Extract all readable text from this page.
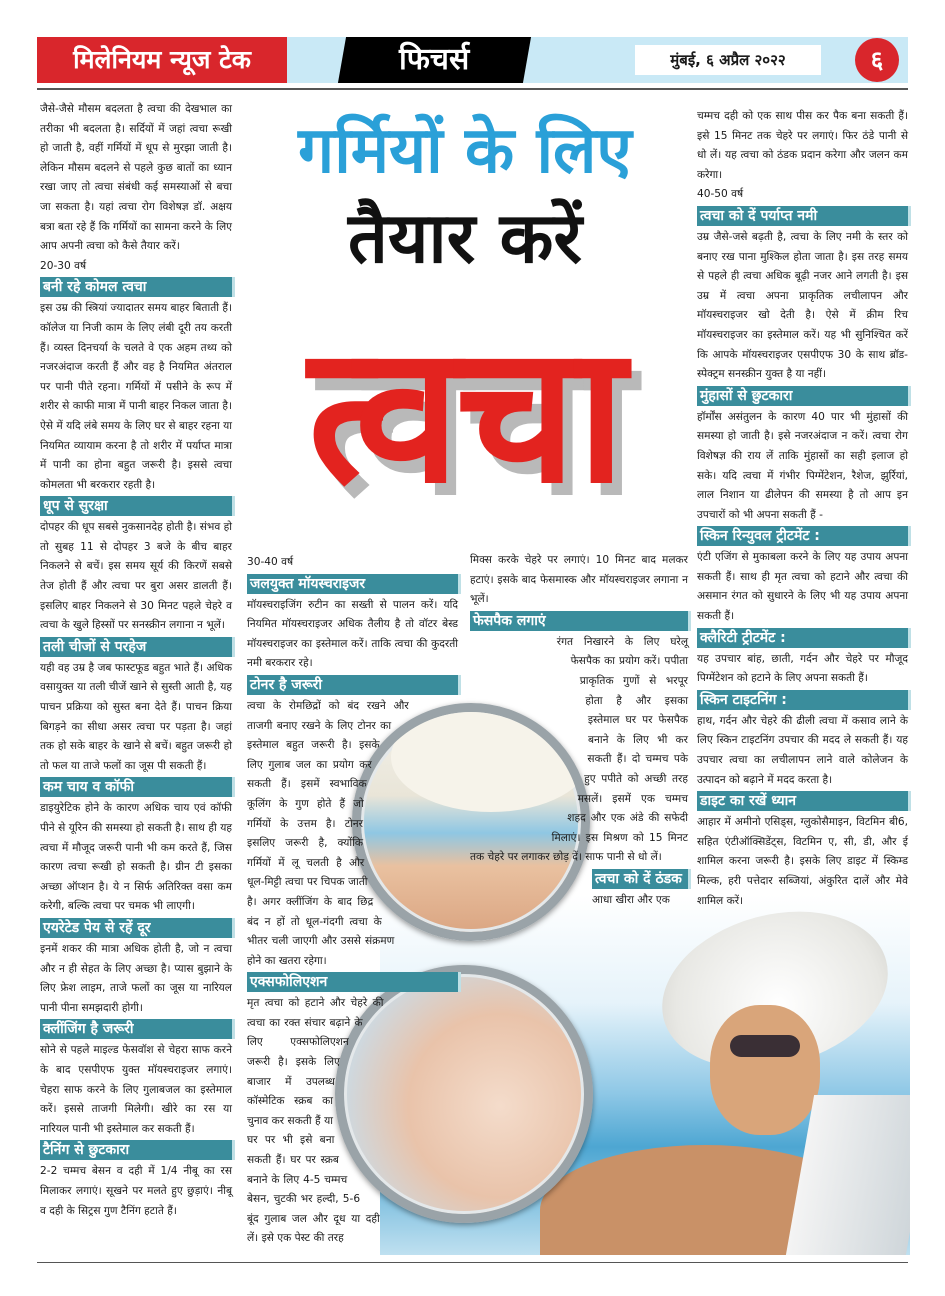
मिलेनियम न्यूज टेक	फिचर्स	मुंबई, ६ अप्रैल २०२२	६
गर्मियों के लिए
तैयार करें
त्वचा

जैसे-जैसे मौसम बदलता है त्वचा की देखभाल का तरीका भी बदलता है। सर्दियों में जहां त्वचा रूखी हो जाती है, वहीं गर्मियों में धूप से मुरझा जाती है। लेकिन मौसम बदलने से पहले कुछ बातों का ध्यान रखा जाए तो त्वचा संबंधी कई समस्याओं से बचा जा सकता है। यहां त्वचा रोग विशेषज्ञ डॉ. अक्षय बत्रा बता रहे हैं कि गर्मियों का सामना करने के लिए आप अपनी त्वचा को कैसे तैयार करें।

20-30 वर्ष

बनी रहे कोमल त्वचा

इस उम्र की स्त्रियां ज्यादातर समय बाहर बिताती हैं। कॉलेज या निजी काम के लिए लंबी दूरी तय करती हैं। व्यस्त दिनचर्या के चलते वे एक अहम तथ्य को नजरअंदाज करती हैं और वह है नियमित अंतराल पर पानी पीते रहना। गर्मियों में पसीने के रूप में शरीर से काफी मात्रा में पानी बाहर निकल जाता है। ऐसे में यदि लंबे समय के लिए घर से बाहर रहना या नियमित व्यायाम करना है तो शरीर में पर्याप्त मात्रा में पानी का होना बहुत जरूरी है। इससे त्वचा कोमलता भी बरकरार रहती है।

धूप से सुरक्षा

दोपहर की धूप सबसे नुकसानदेह होती है। संभव हो तो सुबह 11 से दोपहर 3 बजे के बीच बाहर निकलने से बचें। इस समय सूर्य की किरणें सबसे तेज होती हैं और त्वचा पर बुरा असर डालती हैं। इसलिए बाहर निकलने से 30 मिनट पहले चेहरे व त्वचा के खुले हिस्सों पर सनस्क्रीन लगाना न भूलें।

तली चीजों से परहेज

यही वह उम्र है जब फास्टफूड बहुत भाते हैं। अधिक वसायुक्त या तली चीजें खाने से सुस्ती आती है, यह पाचन प्रक्रिया को सुस्त बना देते हैं। पाचन क्रिया बिगड़ने का सीधा असर त्वचा पर पड़ता है। जहां तक हो सके बाहर के खाने से बचें। बहुत जरूरी हो तो फल या ताजे फलों का जूस पी सकती हैं।

कम चाय व कॉफी

डाइयुरेटिक होने के कारण अधिक चाय एवं कॉफी पीने से यूरिन की समस्या हो सकती है। साथ ही यह त्वचा में मौजूद जरूरी पानी भी कम करते हैं, जिस कारण त्वचा रूखी हो सकती है। ग्रीन टी इसका अच्छा ऑप्शन है। ये न सिर्फ अतिरिक्त वसा कम करेगी, बल्कि त्वचा पर चमक भी लाएगी।

एयरेटेड पेय से रहें दूर

इनमें शकर की मात्रा अधिक होती है, जो न त्वचा और न ही सेहत के लिए अच्छा है। प्यास बुझाने के लिए फ्रेश लाइम, ताजे फलों का जूस या नारियल पानी पीना समझदारी होगी।

क्लींजिंग है जरूरी

सोने से पहले माइल्ड फेसवॉश से चेहरा साफ करने के बाद एसपीएफ युक्त मॉयस्चराइजर लगाएं। चेहरा साफ करने के लिए गुलाबजल का इस्तेमाल करें। इससे ताजगी मिलेगी। खीरे का रस या नारियल पानी भी इस्तेमाल कर सकती हैं।

टैनिंग से छुटकारा

2-2 चम्मच बेसन व दही में 1/4 नीबू का रस मिलाकर लगाएं। सूखने पर मलते हुए छुड़ाएं। नीबू व दही के सिट्रस गुण टैनिंग हटाते हैं।

30-40 वर्ष

जलयुक्त मॉयस्चराइजर

मॉयस्चराइजिंग रुटीन का सख्ती से पालन करें। यदि नियमित मॉयस्चराइजर अधिक तैलीय है तो वॉटर बेस्ड मॉयस्चराइजर का इस्तेमाल करें। ताकि त्वचा की कुदरती नमी बरकरार रहे।

टोनर है जरूरी

त्वचा के रोमछिद्रों को बंद रखने और ताजगी बनाए रखने के लिए टोनर का इस्तेमाल बहुत जरूरी है। इसके लिए गुलाब जल का प्रयोग कर सकती हैं। इसमें स्वभाविक कूलिंग के गुण होते हैं जो गर्मियों के उत्तम है। टोनर इसलिए जरूरी है, क्योंकि गर्मियों में लू चलती है और धूल-मिट्टी त्वचा पर चिपक जाती है। अगर क्लींजिंग के बाद छिद्र बंद न हों तो धूल-गंदगी त्वचा के भीतर चली जाएगी और उससे संक्रमण होने का खतरा रहेगा।

एक्सफोलिएशन

मृत त्वचा को हटाने और चेहरे की त्वचा का रक्त संचार बढ़ाने के लिए एक्सफोलिएशन जरूरी है। इसके लिए बाजार में उपलब्ध कॉस्मेटिक स्क्रब का चुनाव कर सकती हैं या घर पर भी इसे बना सकती हैं। घर पर स्क्रब बनाने के लिए 4-5 चम्मच बेसन, चुटकी भर हल्दी, 5-6 बूंद गुलाब जल और दूध या दही लें। इसे एक पेस्ट की तरह

मिक्स करके चेहरे पर लगाएं। 10 मिनट बाद मलकर हटाएं। इसके बाद फेसमास्क और मॉयस्चराइजर लगाना न भूलें।

फेसपैक लगाएं

रंगत निखारने के लिए घरेलू फेसपैक का प्रयोग करें। पपीता प्राकृतिक गुणों से भरपूर होता है और इसका इस्तेमाल घर पर फेसपैक बनाने के लिए भी कर सकती हैं। दो चम्मच पके हुए पपीते को अच्छी तरह मसलें। इसमें एक चम्मच शहद और एक अंडे की सफेदी मिलाएं। इस मिश्रण को 15 मिनट तक चेहरे पर लगाकर छोड़ दें। साफ पानी से धो लें।

त्वचा को दें ठंडक

आधा खीरा और एक

चम्मच दही को एक साथ पीस कर पैक बना सकती हैं। इसे 15 मिनट तक चेहरे पर लगाएं। फिर ठंडे पानी से धो लें। यह त्वचा को ठंडक प्रदान करेगा और जलन कम करेगा।

40-50 वर्ष

त्वचा को दें पर्याप्त नमी

उम्र जैसे-जसे बढ़ती है, त्वचा के लिए नमी के स्तर को बनाए रख पाना मुश्किल होता जाता है। इस तरह समय से पहले ही त्वचा अधिक बूढ़ी नजर आने लगती है। इस उम्र में त्वचा अपना प्राकृतिक लचीलापन और मॉयस्चराइजर खो देती है। ऐसे में क्रीम रिच मॉयस्चराइजर का इस्तेमाल करें। यह भी सुनिश्चित करें कि आपके मॉयस्चराइजर एसपीएफ 30 के साथ ब्रॉड-स्पेक्ट्रम सनस्क्रीन युक्त है या नहीं।

मुंहासों से छुटकारा

हॉर्मोंस असंतुलन के कारण 40 पार भी मुंहासों की समस्या हो जाती है। इसे नजरअंदाज न करें। त्वचा रोग विशेषज्ञ की राय लें ताकि मुंहासों का सही इलाज हो सके। यदि त्वचा में गंभीर पिग्मेंटेशन, रैशेज, झुर्रियां, लाल निशान या ढीलेपन की समस्या है तो आप इन उपचारों को भी अपना सकती हैं -

स्किन रिन्युवल ट्रीटमेंट :

एंटी एजिंग से मुकाबला करने के लिए यह उपाय अपना सकती हैं। साथ ही मृत त्वचा को हटाने और त्वचा की असमान रंगत को सुधारने के लिए भी यह उपाय अपना सकती हैं।

क्लैरिटी ट्रीटमेंट :

यह उपचार बांह, छाती, गर्दन और चेहरे पर मौजूद पिग्मेंटेशन को हटाने के लिए अपना सकती हैं।

स्किन टाइटनिंग :

हाथ, गर्दन और चेहरे की ढीली त्वचा में कसाव लाने के लिए स्किन टाइटनिंग उपचार की मदद ले सकती हैं। यह उपचार त्वचा का लचीलापन लाने वाले कोलेजन के उत्पादन को बढ़ाने में मदद करता है।

डाइट का रखें ध्यान

आहार में अमीनो एसिड्स, ग्लुकोसैमाइन, विटमिन बी6, सहित एंटीऑक्सिडेंट्स, विटमिन ए, सी, डी, और ई शामिल करना जरूरी है। इसके लिए डाइट में स्किम्ड मिल्क, हरी पत्तेदार सब्जियां, अंकुरित दालें और मेवे शामिल करें।
